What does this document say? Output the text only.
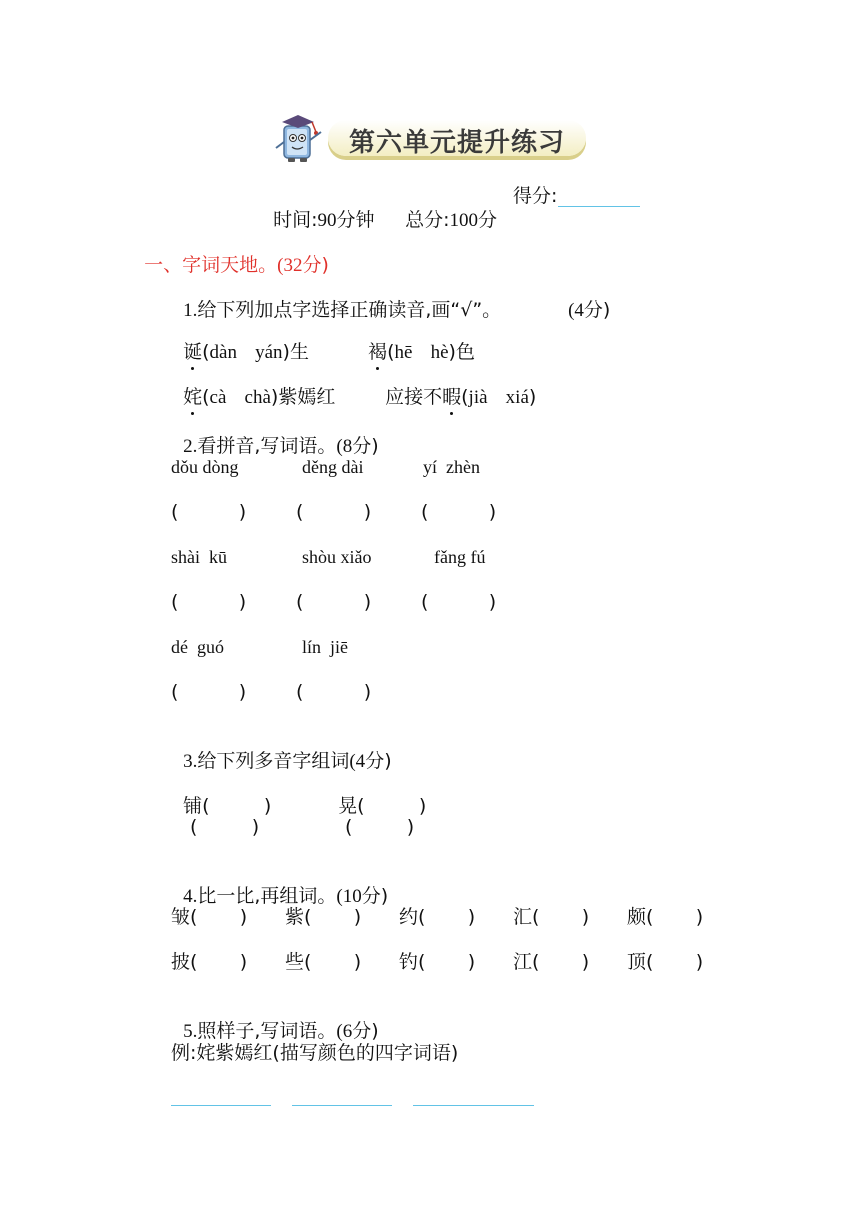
第六单元提升练习

时间:90分钟	总分:100分

得分:

一、字词天地。(32分)

1.给下列加点字选择正确读音,画“√”。	(4分)

诞(dàn yán)生	褐(hē hè)色

姹(cà chà)紫嫣红	应接不暇(jià xiá)

2.看拼音,写词语。(8分)

dǒu dòng	děng dài	yí  zhèn
(          )	(          )	(          )
shài  kū	shòu xiǎo	fǎng fú
(          )	(          )	(          )
dé  guó	lín  jiē
(          )	(          )

3.给下列多音字组词(4分)

铺(         )	晃(         )

(         )	(         )

4.比一比,再组词。(10分)

皱(       ) 紫(       ) 约(       ) 汇(       ) 颇(       )
披(       ) 些(       ) 钓(       ) 江(       ) 顶(       )

5.照样子,写词语。(6分)

例:姹紫嫣红(描写颜色的四字词语)
